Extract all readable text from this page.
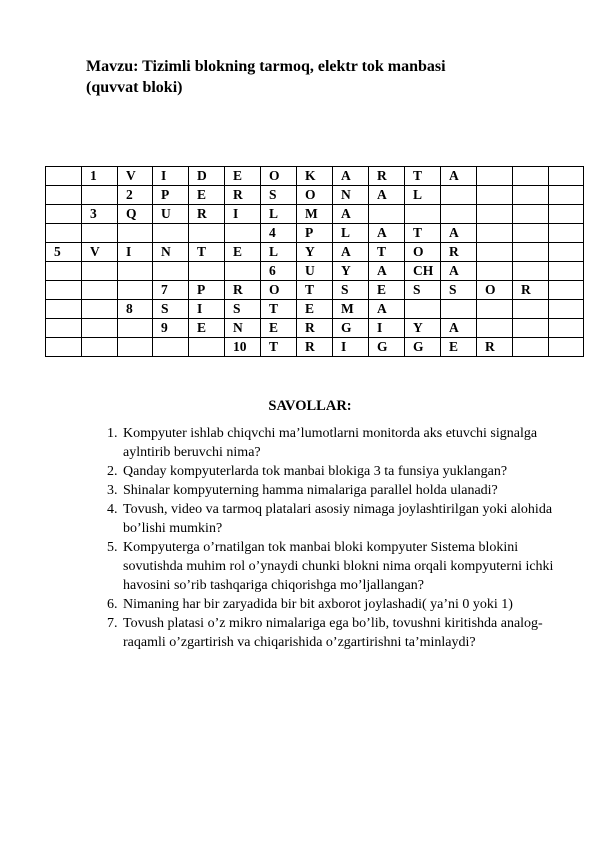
Mavzu: Tizimli blokning tarmoq, elektr tok manbasi
(quvvat bloki)
	1	V	I	D	E	O	K	A	R	T	A			
		2	P	E	R	S	O	N	A	L				
	3	Q	U	R	I	L	M	A						
						4	P	L	A	T	A			
5	V	I	N	T	E	L	Y	A	T	O	R			
						6	U	Y	A	CH	A			
			7	P	R	O	T	S	E	S	S	O	R	
		8	S	I	S	T	E	M	A					
			9	E	N	E	R	G	I	Y	A			
					10	T	R	I	G	G	E	R		
SAVOLLAR:
1. Kompyuter ishlab chiqvchi ma’lumotlarni monitorda aks etuvchi signalga aylntirib beruvchi nima?
2. Qanday kompyuterlarda tok manbai blokiga 3 ta funsiya yuklangan?
3. Shinalar kompyuterning hamma nimalariga parallel holda ulanadi?
4. Tovush, video va tarmoq platalari asosiy nimaga joylashtirilgan yoki alohida bo’lishi mumkin?
5. Kompyuterga o’rnatilgan tok manbai bloki kompyuter Sistema blokini sovutishda muhim rol o’ynaydi chunki blokni nima orqali kompyuterni ichki havosini so’rib tashqariga chiqorishga mo’ljallangan?
6. Nimaning har bir zaryadida bir bit axborot joylashadi( ya’ni 0 yoki 1)
7. Tovush platasi o’z mikro nimalariga ega bo’lib, tovushni kiritishda analog-raqamli o’zgartirish va chiqarishida o’zgartirishni ta’minlaydi?
